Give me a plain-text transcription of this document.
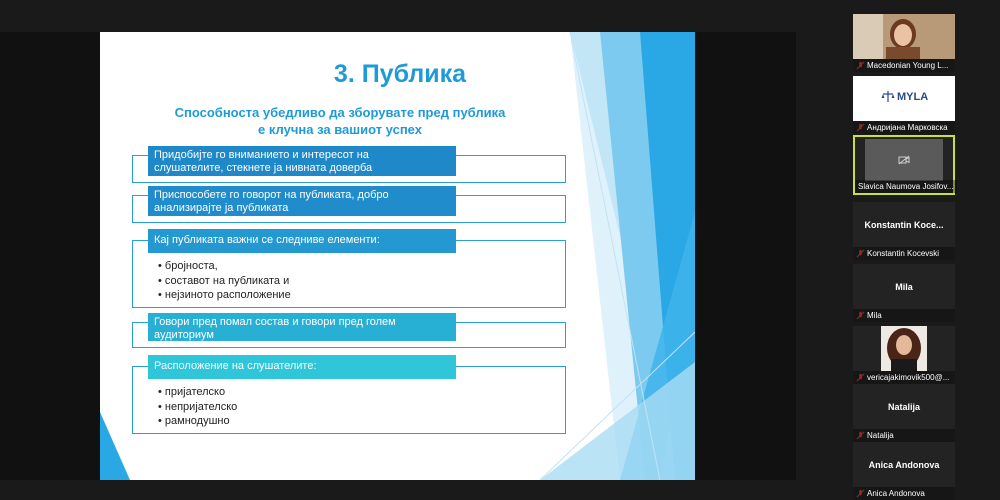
3. Публика
Способноста убедливо да зборувате пред публика
е клучна за вашиот успех
Придобијте го вниманието и интересот на
слушателите, стекнете ја нивната доверба
Приспособете го говорот на публиката, добро
анализирајте ја публиката
Кај публиката важни се следниве елементи:
• бројноста,
• составот на публиката и
• нејзиното расположение
Говори пред помал состав и говори пред голем
аудиториум
Расположение на слушателите:
• пријателско
• непријателско
• рамнодушно
Macedonian Young L...
MYLA
Андријана Марковска
Slavica Naumova Josifov...
Konstantin Koce...
Konstantin Kocevski
Mila
Mila
vericajakimovik500@...
Natalija
Natalija
Anica Andonova
Anica Andonova
